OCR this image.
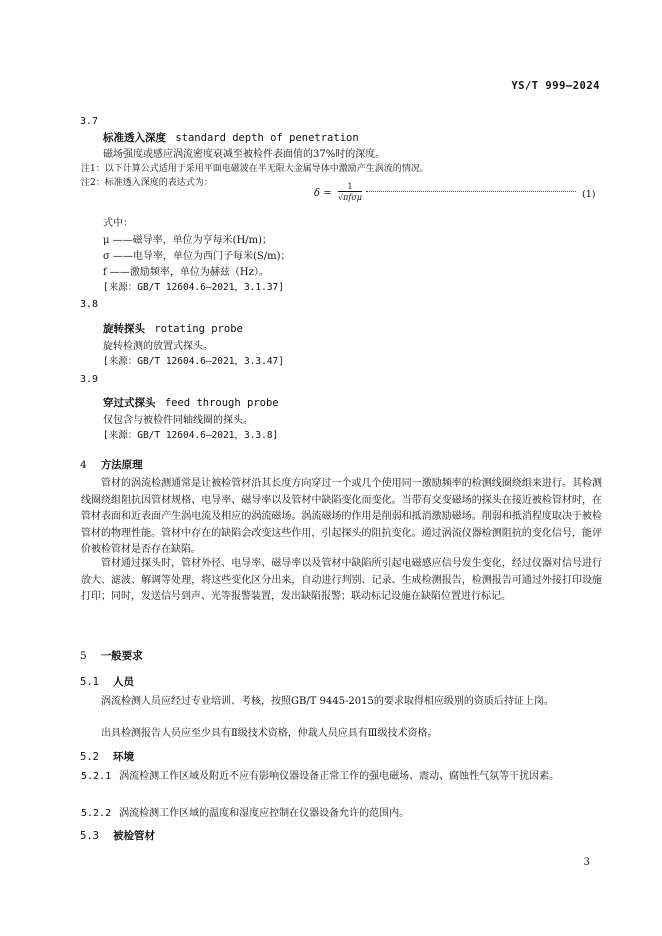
YS/T 999—2024
3.7
标准透入深度 standard depth of penetration
磁场强度或感应涡流密度衰减至被检件表面值的37%时的深度。
注1：以下计算公式适用于采用平面电磁波在半无限大金属导体中激励产生涡流的情况。
注2：标准透入深度的表达式为：
δ =
1
√πfσμ	(1)
式中：
μ ——磁导率，单位为亨每米(H/m)；
σ ——电导率，单位为西门子每米(S/m)；
f ——激励频率，单位为赫兹（Hz）。
[来源：GB/T 12604.6—2021，3.1.37]
3.8
旋转探头 rotating probe
旋转检测的放置式探头。
[来源：GB/T 12604.6—2021，3.3.47]
3.9
穿过式探头 feed through probe
仅包含与被检件同轴线圈的探头。
[来源：GB/T 12604.6—2021，3.3.8]
4 方法原理

管材的涡流检测通常是让被检管材沿其长度方向穿过一个或几个使用同一激励频率的检测线圈绕组来进行。其检测线圈绕组阻抗因管材规格、电导率、磁导率以及管材中缺陷变化而变化。当带有交变磁场的探头在接近被检管材时，在管材表面和近表面产生涡电流及相应的涡流磁场。涡流磁场的作用是削弱和抵消激励磁场。削弱和抵消程度取决于被检管材的物理性能。管材中存在的缺陷会改变这些作用，引起探头的阻抗变化。通过涡流仪器检测阻抗的变化信号，能评价被检管材是否存在缺陷。

管材通过探头时，管材外径、电导率、磁导率以及管材中缺陷所引起电磁感应信号发生变化，经过仪器对信号进行放大、滤波、解调等处理，将这些变化区分出来，自动进行判别、记录、生成检测报告，检测报告可通过外接打印设施打印；同时，发送信号到声、光等报警装置，发出缺陷报警；联动标记设施在缺陷位置进行标记。

5 一般要求
5.1 人员

涡流检测人员应经过专业培训、考核，按照GB/T 9445-2015的要求取得相应级别的资质后持证上岗。

出具检测报告人员应至少具有Ⅱ级技术资格，仲裁人员应具有Ⅲ级技术资格。

5.2 环境

5.2.1 涡流检测工作区域及附近不应有影响仪器设备正常工作的强电磁场、震动、腐蚀性气氛等干扰因素。

5.2.2 涡流检测工作区域的温度和湿度应控制在仪器设备允许的范围内。

5.3 被检管材
3
